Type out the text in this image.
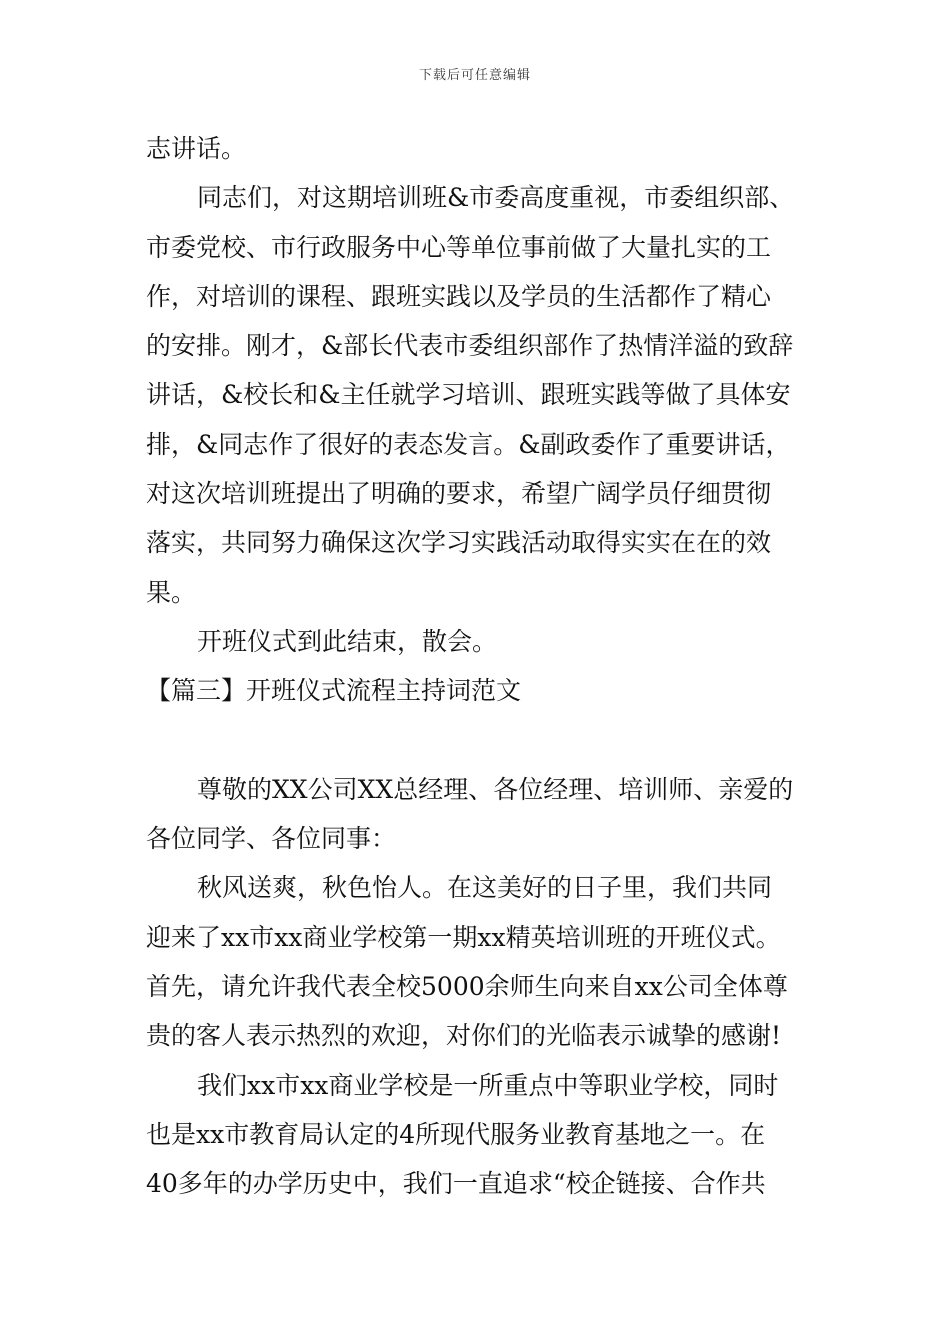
下载后可任意编辑
志讲话。
同志们，对这期培训班&市委高度重视，市委组织部、
市委党校、市行政服务中心等单位事前做了大量扎实的工
作，对培训的课程、跟班实践以及学员的生活都作了精心
的安排。刚才，&部长代表市委组织部作了热情洋溢的致辞
讲话，&校长和&主任就学习培训、跟班实践等做了具体安
排，&同志作了很好的表态发言。&副政委作了重要讲话，
对这次培训班提出了明确的要求，希望广阔学员仔细贯彻
落实，共同努力确保这次学习实践活动取得实实在在的效
果。
开班仪式到此结束，散会。
【篇三】开班仪式流程主持词范文
尊敬的XX公司XX总经理、各位经理、培训师、亲爱的
各位同学、各位同事：
秋风送爽，秋色怡人。在这美好的日子里，我们共同
迎来了xx市xx商业学校第一期xx精英培训班的开班仪式。
首先，请允许我代表全校5000余师生向来自xx公司全体尊
贵的客人表示热烈的欢迎，对你们的光临表示诚挚的感谢!
我们xx市xx商业学校是一所重点中等职业学校，同时
也是xx市教育局认定的4所现代服务业教育基地之一。在
40多年的办学历史中，我们一直追求“校企链接、合作共
